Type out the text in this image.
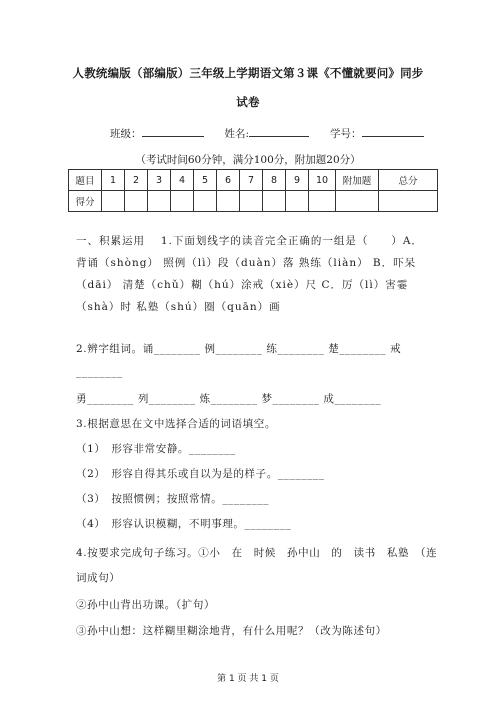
人教统编版（部编版）三年级上学期语文第３课《不懂就要问》同步
试卷
班级：　　	姓名:　　	学号：
（考试时间60分钟，满分100分，附加题20分）
题目	1	2	3	4	5	6	7	8	9	10	附加题	总分
得分												
一、积累运用　 1.下面划线字的读音完全正确的一组是（　　）A．背诵（shòng） 照例（lì）段（duàn）落 熟练（liàn） B．吓呆（dāi） 清楚（chǔ）糊（hú）涂戒（xiè）尺 C．厉（lì）害霎（shà）时 私塾（shú）圈（quān）画
2.辨字组词。诵________ 例________ 练________ 楚________ 戒
________
勇________ 列________ 炼________ 梦________ 成________
3.根据意思在文中选择合适的词语填空。
（1）　形容非常安静。________
（2）　形容自得其乐或自以为是的样子。________
（3）　按照惯例；按照常情。________
（4）　形容认识模糊，不明事理。________
4.按要求完成句子练习。①小　在　时候　孙中山　的　读书　私塾　（连
词成句）
②孙中山背出功课。（扩句）
③孙中山想：这样糊里糊涂地背，有什么用呢？（改为陈述句）
第 1 页 共 1 页
